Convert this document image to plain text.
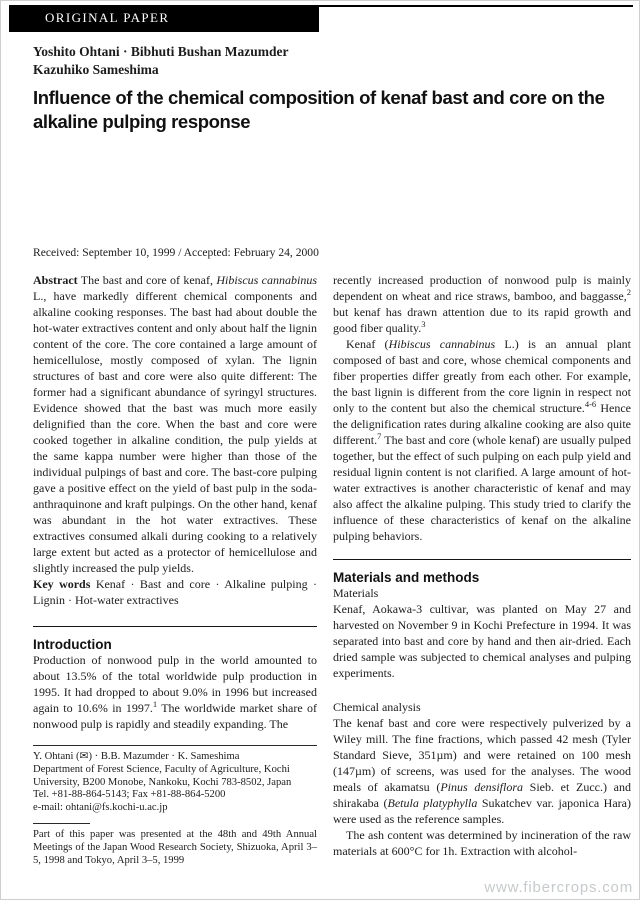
ORIGINAL PAPER
Yoshito Ohtani · Bibhuti Bushan Mazumder
Kazuhiko Sameshima
Influence of the chemical composition of kenaf bast and core on the alkaline pulping response
Received: September 10, 1999 / Accepted: February 24, 2000

Abstract The bast and core of kenaf, Hibiscus cannabinus L., have markedly different chemical components and alkaline cooking responses. The bast had about double the hot-water extractives content and only about half the lignin content of the core. The core contained a large amount of hemicellulose, mostly composed of xylan. The lignin structures of bast and core were also quite different: The former had a significant abundance of syringyl structures. Evidence showed that the bast was much more easily delignified than the core. When the bast and core were cooked together in alkaline condition, the pulp yields at the same kappa number were higher than those of the individual pulpings of bast and core. The bast-core pulping gave a positive effect on the yield of bast pulp in the soda-anthraquinone and kraft pulpings. On the other hand, kenaf was abundant in the hot water extractives. These extractives consumed alkali during cooking to a relatively large extent but acted as a protector of hemicellulose and slightly increased the pulp yields.

Key words Kenaf · Bast and core · Alkaline pulping · Lignin · Hot-water extractives

Introduction

Production of nonwood pulp in the world amounted to about 13.5% of the total worldwide pulp production in 1995. It had dropped to about 9.0% in 1996 but increased again to 10.6% in 1997.$^1$ The worldwide market share of nonwood pulp is rapidly and steadily expanding. The

Y. Ohtani (✉) · B.B. Mazumder · K. Sameshima

Department of Forest Science, Faculty of Agriculture, Kochi University, B200 Monobe, Nankoku, Kochi 783-8502, Japan

Tel. +81-88-864-5143; Fax +81-88-864-5200

e-mail: ohtani@fs.kochi-u.ac.jp

Part of this paper was presented at the 48th and 49th Annual Meetings of the Japan Wood Research Society, Shizuoka, April 3–5, 1998 and Tokyo, April 3–5, 1999

recently increased production of nonwood pulp is mainly dependent on wheat and rice straws, bamboo, and baggasse,$^2$ but kenaf has drawn attention due to its rapid growth and good fiber quality.$^3$

Kenaf (Hibiscus cannabinus L.) is an annual plant composed of bast and core, whose chemical components and fiber properties differ greatly from each other. For example, the bast lignin is different from the core lignin in respect not only to the content but also the chemical structure.$^{4-6}$ Hence the delignification rates during alkaline cooking are also quite different.$^7$ The bast and core (whole kenaf) are usually pulped together, but the effect of such pulping on each pulp yield and residual lignin content is not clarified. A large amount of hot-water extractives is another characteristic of kenaf and may also affect the alkaline pulping. This study tried to clarify the influence of these characteristics of kenaf on the alkaline pulping behaviors.

Materials and methods

Materials

Kenaf, Aokawa-3 cultivar, was planted on May 27 and harvested on November 9 in Kochi Prefecture in 1994. It was separated into bast and core by hand and then air-dried. Each dried sample was subjected to chemical analyses and pulping experiments.

Chemical analysis

The kenaf bast and core were respectively pulverized by a Wiley mill. The fine fractions, which passed 42 mesh (Tyler Standard Sieve, 351µm) and were retained on 100 mesh (147µm) of screens, was used for the analyses. The wood meals of akamatsu (Pinus densiflora Sieb. et Zucc.) and shirakaba (Betula platyphylla Sukatchev var. japonica Hara) were used as the reference samples.

The ash content was determined by incineration of the raw materials at 600°C for 1h. Extraction with alcohol-

www.fibercrops.com
